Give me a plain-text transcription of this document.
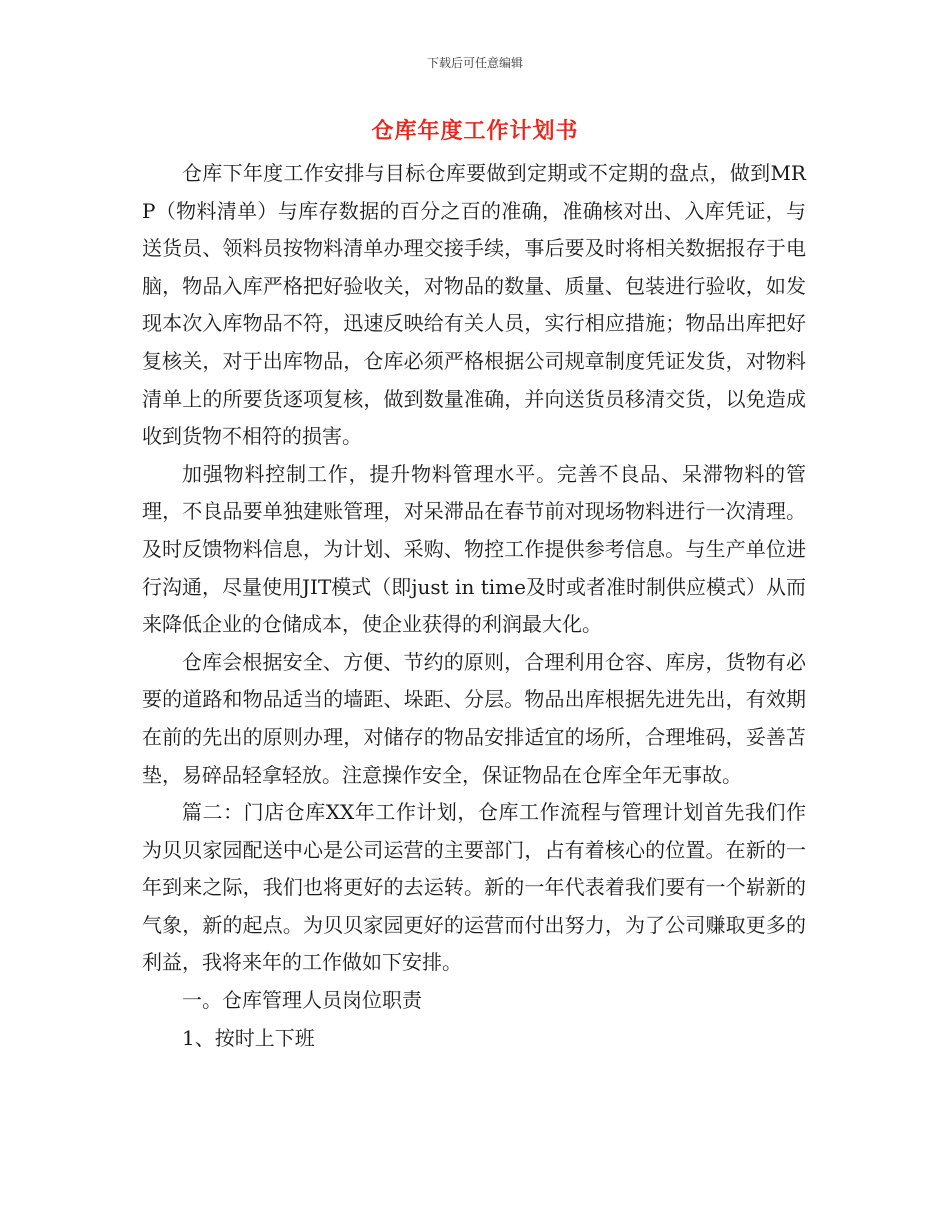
下载后可任意编辑
仓库年度工作计划书

仓库下年度工作安排与目标仓库要做到定期或不定期的盘点，做到MRP（物料清单）与库存数据的百分之百的准确，准确核对出、入库凭证，与送货员、领料员按物料清单办理交接手续，事后要及时将相关数据报存于电脑，物品入库严格把好验收关，对物品的数量、质量、包装进行验收，如发现本次入库物品不符，迅速反映给有关人员，实行相应措施；物品出库把好复核关，对于出库物品，仓库必须严格根据公司规章制度凭证发货，对物料清单上的所要货逐项复核，做到数量准确，并向送货员移清交货，以免造成收到货物不相符的损害。

加强物料控制工作，提升物料管理水平。完善不良品、呆滞物料的管理，不良品要单独建账管理，对呆滞品在春节前对现场物料进行一次清理。及时反馈物料信息，为计划、采购、物控工作提供参考信息。与生产单位进行沟通，尽量使用JIT模式（即just in time及时或者准时制供应模式）从而来降低企业的仓储成本，使企业获得的利润最大化。

仓库会根据安全、方便、节约的原则，合理利用仓容、库房，货物有必要的道路和物品适当的墙距、垛距、分层。物品出库根据先进先出，有效期在前的先出的原则办理，对储存的物品安排适宜的场所，合理堆码，妥善苫垫，易碎品轻拿轻放。注意操作安全，保证物品在仓库全年无事故。

篇二：门店仓库XX年工作计划，仓库工作流程与管理计划首先我们作为贝贝家园配送中心是公司运营的主要部门，占有着核心的位置。在新的一年到来之际，我们也将更好的去运转。新的一年代表着我们要有一个崭新的气象，新的起点。为贝贝家园更好的运营而付出努力，为了公司赚取更多的利益，我将来年的工作做如下安排。

一。仓库管理人员岗位职责

1、按时上下班
